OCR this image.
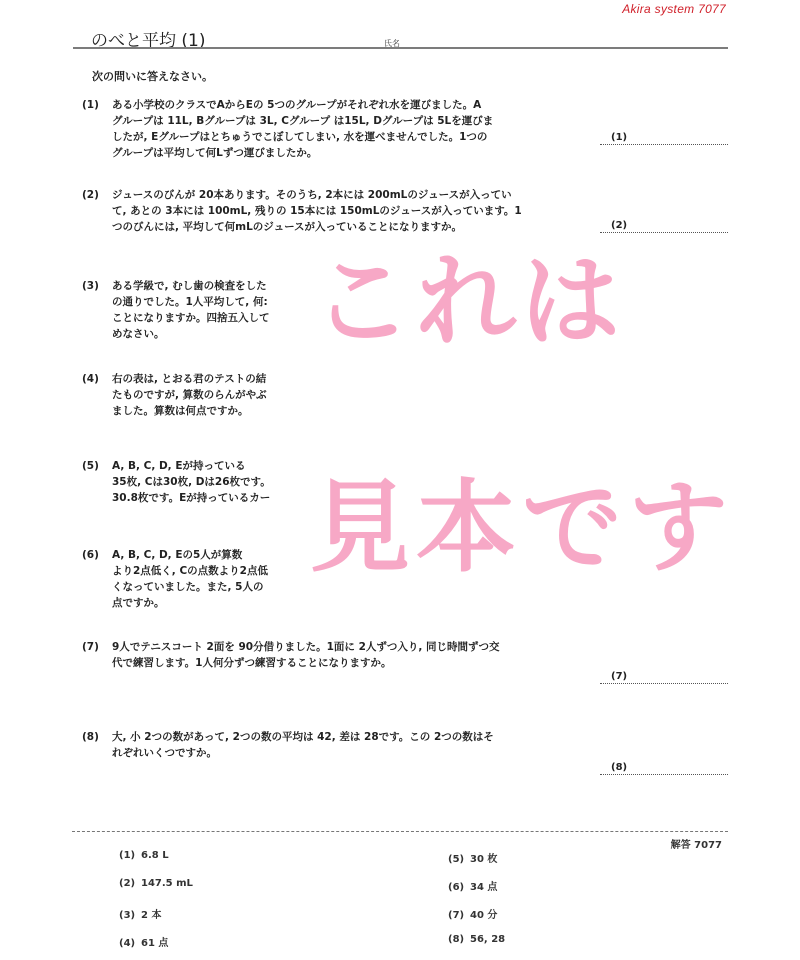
Akira system 7077
のべと平均 (1)	氏名
次の問いに答えなさい。
(1) ある小学校のクラスでAからEの 5つのグループがそれぞれ水を運びました。A
グループは 11L, Bグループは 3L, Cグループ は15L, Dグループは 5Lを運びま
したが, Eグループはとちゅうでこぼしてしまい, 水を運べませんでした。1つの
グループは平均して何Lずつ運びましたか。
(1)
(2) ジュースのびんが 20本あります。そのうち, 2本には 200mLのジュースが入ってい
て, あとの 3本には 100mL, 残りの 15本には 150mLのジュースが入っています。1
つのびんには, 平均して何mLのジュースが入っていることになりますか。	(2)
(3) ある学級で, むし歯の検査をした
の通りでした。1人平均して, 何:
ことになりますか。四捨五入して
めなさい。
(4) 右の表は, とおる君のテストの結
たものですが, 算数のらんがやぶ
ました。算数は何点ですか。
(5) A, B, C, D, Eが持っている
35枚, Cは30枚, Dは26枚です。
30.8枚です。Eが持っているカー
(6) A, B, C, D, Eの5人が算数
より2点低く, Cの点数より2点低
くなっていました。また, 5人の
点ですか。
(7) 9人でテニスコート 2面を 90分借りました。1面に 2人ずつ入り, 同じ時間ずつ交
代で練習します。1人何分ずつ練習することになりますか。
(7)
(8) 大, 小 2つの数があって, 2つの数の平均は 42, 差は 28です。この 2つの数はそ
れぞれいくつですか。
(8)
これは
見本です
解答 7077
(1) 6.8 L
(2) 147.5 mL
(3) 2 本
(4) 61 点
(5) 30 枚
(6) 34 点
(7) 40 分
(8) 56, 28
